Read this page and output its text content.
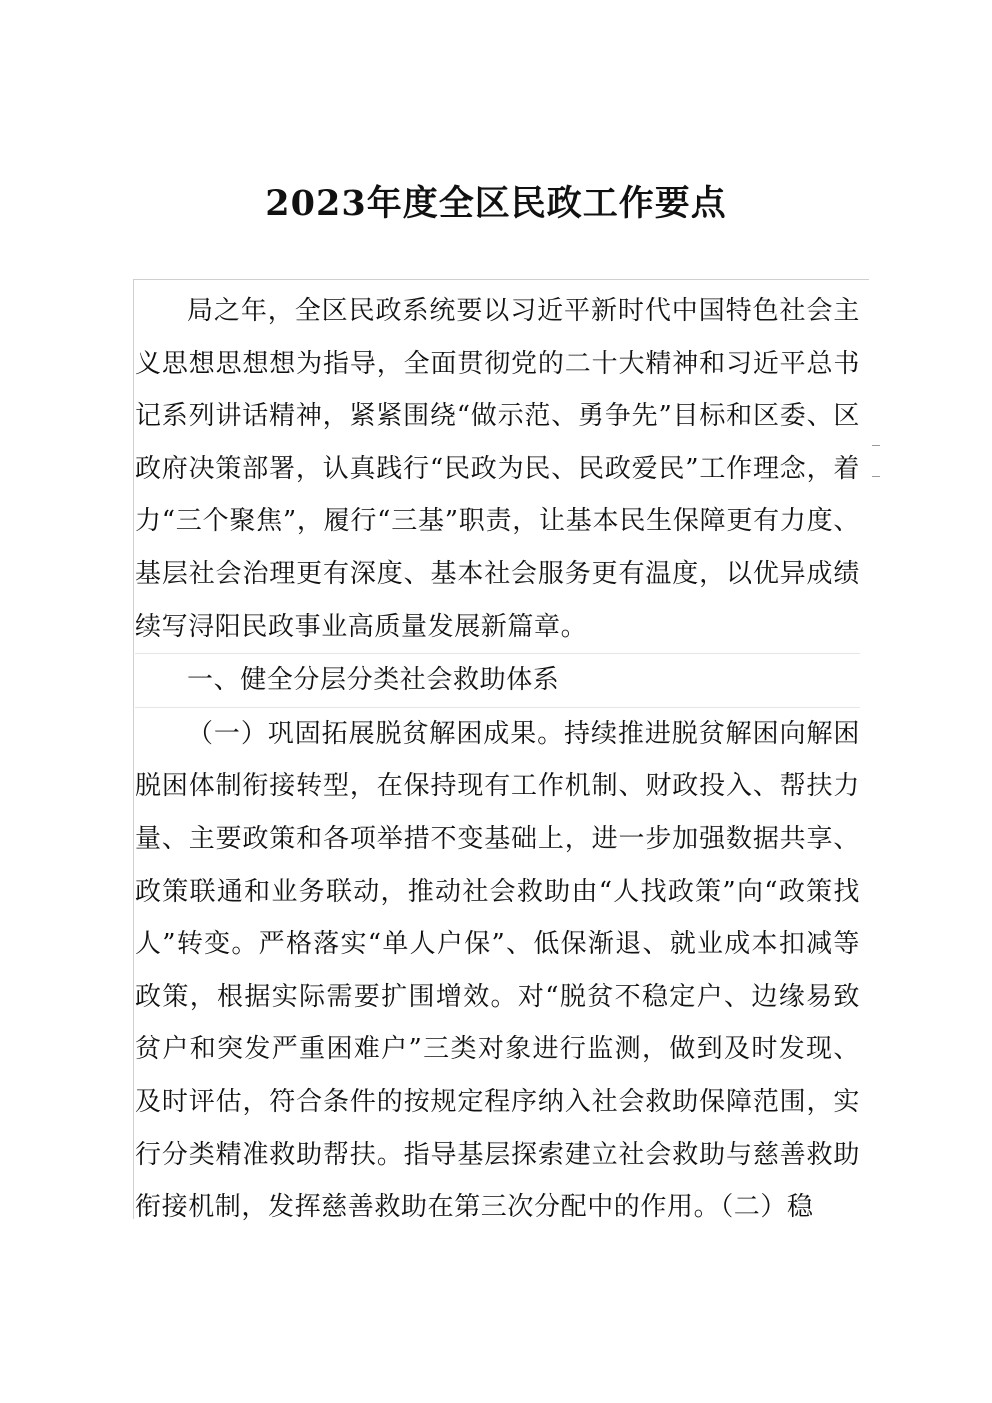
2023年度全区民政工作要点

局之年，全区民政系统要以习近平新时代中国特色社会主义思想思想想为指导，全面贯彻党的二十大精神和习近平总书记系列讲话精神，紧紧围绕“做示范、勇争先”目标和区委、区政府决策部署，认真践行“民政为民、民政爱民”工作理念，着力“三个聚焦”，履行“三基”职责，让基本民生保障更有力度、基层社会治理更有深度、基本社会服务更有温度，以优异成绩续写浔阳民政事业高质量发展新篇章。

一、健全分层分类社会救助体系

（一）巩固拓展脱贫解困成果。持续推进脱贫解困向解困脱困体制衔接转型，在保持现有工作机制、财政投入、帮扶力量、主要政策和各项举措不变基础上，进一步加强数据共享、政策联通和业务联动，推动社会救助由“人找政策”向“政策找人”转变。严格落实“单人户保”、低保渐退、就业成本扣减等政策，根据实际需要扩围增效。对“脱贫不稳定户、边缘易致贫户和突发严重困难户”三类对象进行监测，做到及时发现、及时评估，符合条件的按规定程序纳入社会救助保障范围，实行分类精准救助帮扶。指导基层探索建立社会救助与慈善救助衔接机制，发挥慈善救助在第三次分配中的作用。（二）稳
